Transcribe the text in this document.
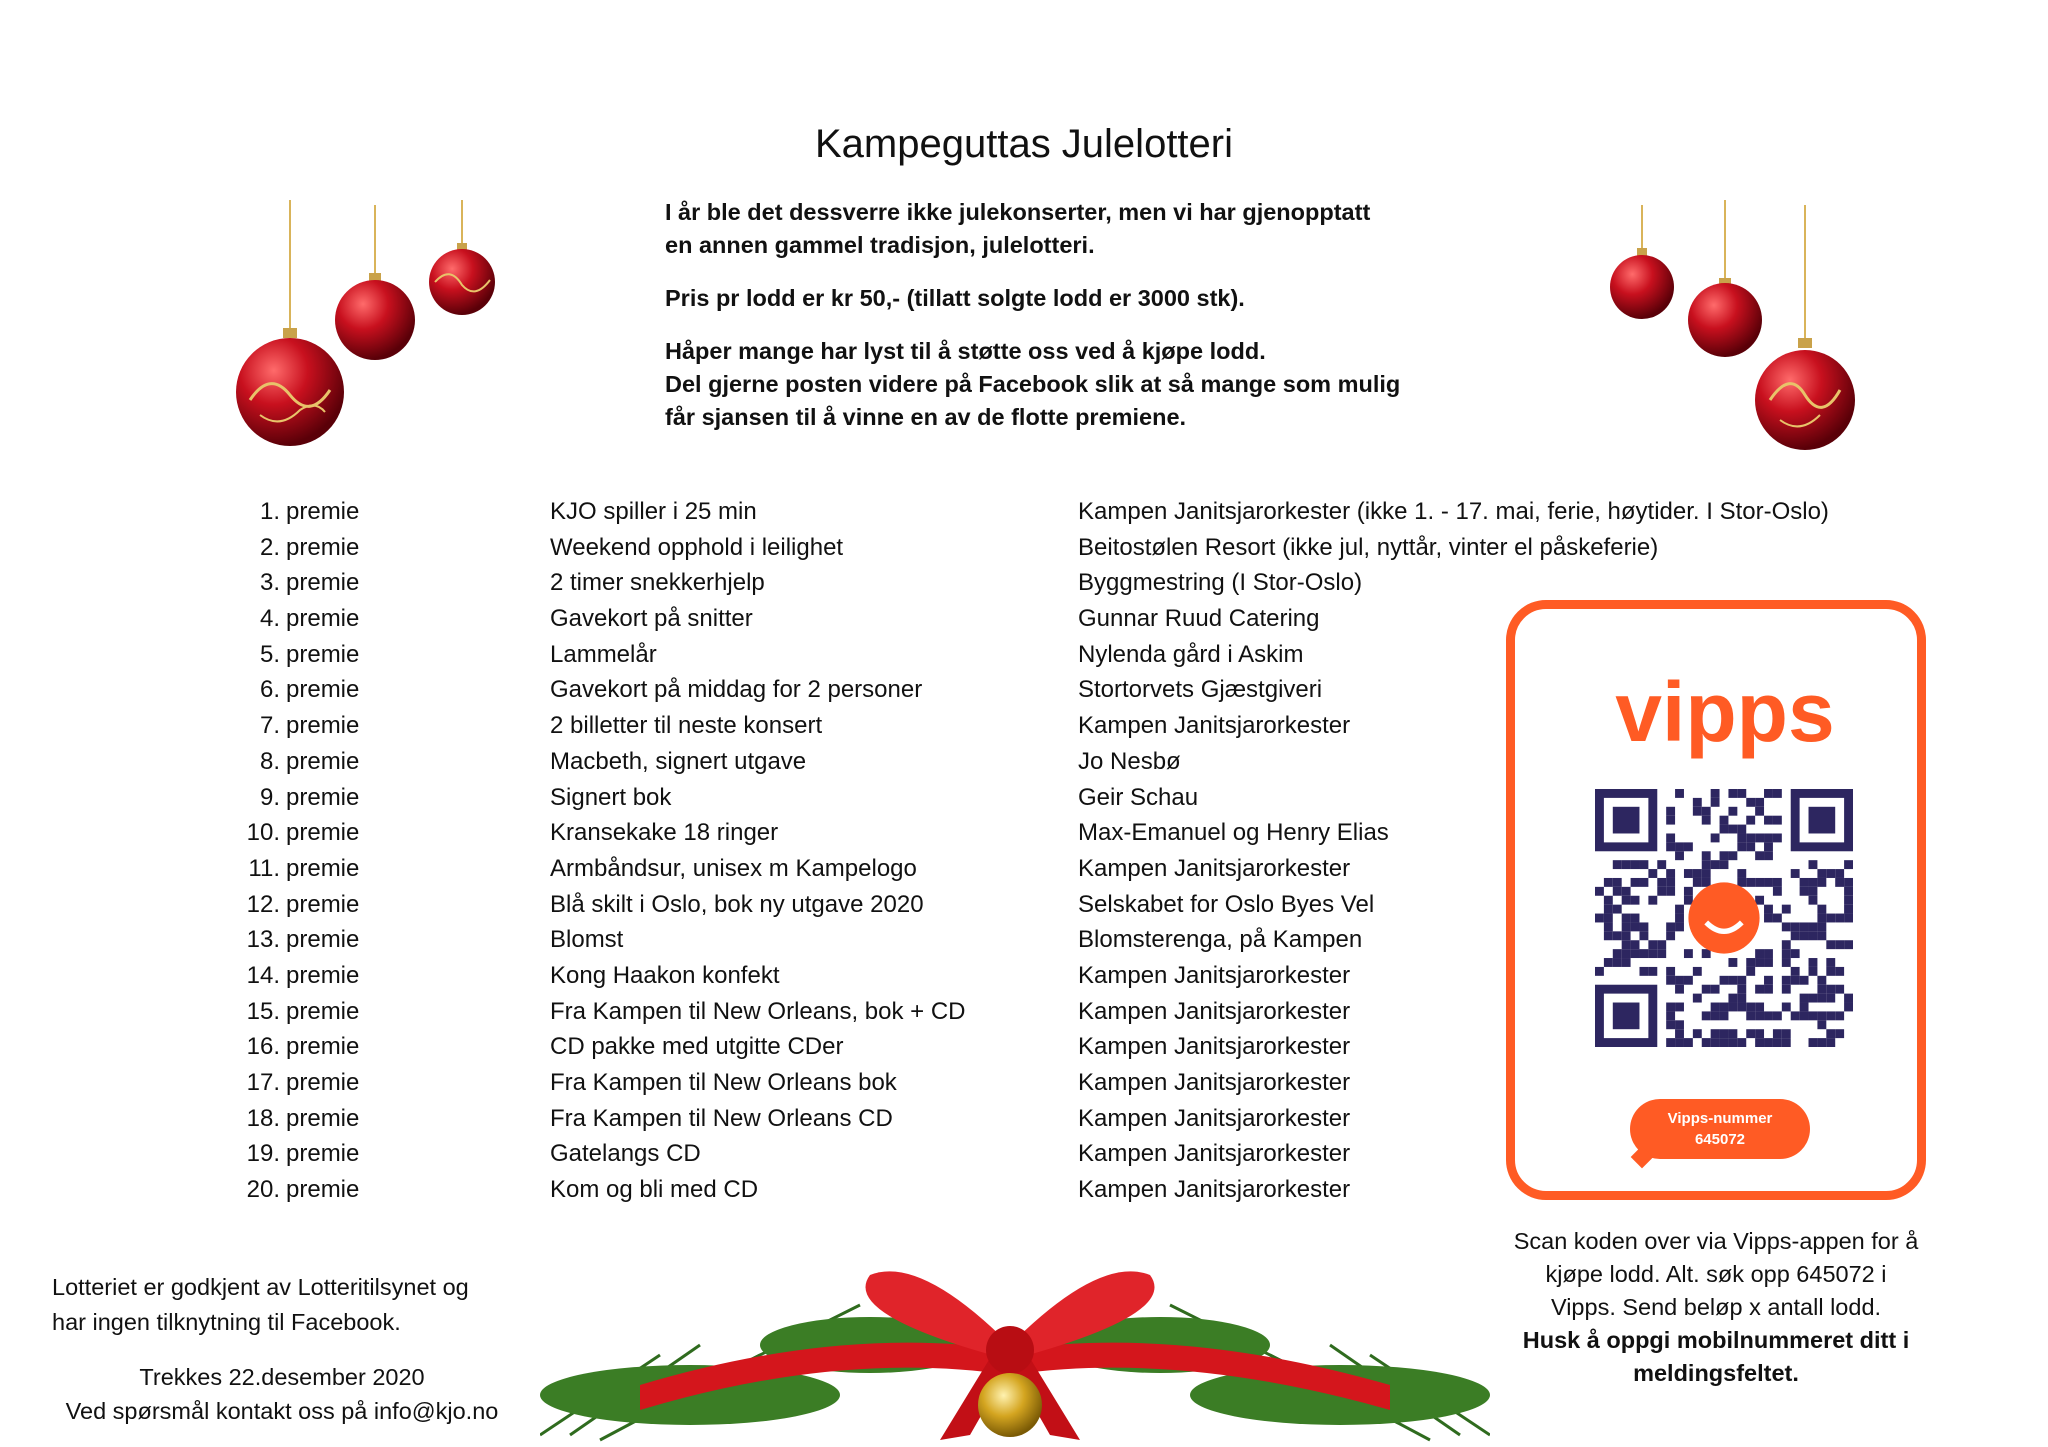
Kampeguttas Julelotteri

I år ble det dessverre ikke julekonserter, men vi har gjenopptatt
en annen gammel tradisjon, julelotteri.

Pris pr lodd er kr 50,- (tillatt solgte lodd er 3000 stk).

Håper mange har lyst til å støtte oss ved å kjøpe lodd.
Del gjerne posten videre på Facebook slik at så mange som mulig
får sjansen til å vinne en av de flotte premiene.

1. premie	KJO spiller i 25 min	Kampen Janitsjarorkester (ikke 1. - 17. mai, ferie, høytider. I Stor-Oslo)
2. premie	Weekend opphold i leilighet	Beitostølen Resort (ikke jul, nyttår, vinter el påskeferie)
3. premie	2 timer snekkerhjelp	Byggmestring (I Stor-Oslo)
4. premie	Gavekort på snitter	Gunnar Ruud Catering
5. premie	Lammelår	Nylenda gård i Askim
6. premie	Gavekort på middag for 2 personer	Stortorvets Gjæstgiveri
7. premie	2 billetter til neste konsert	Kampen Janitsjarorkester
8. premie	Macbeth, signert utgave	Jo Nesbø
9. premie	Signert bok	Geir Schau
10. premie	Kransekake 18 ringer	Max-Emanuel og Henry Elias
11. premie	Armbåndsur, unisex m Kampelogo	Kampen Janitsjarorkester
12. premie	Blå skilt i Oslo, bok ny utgave 2020	Selskabet for Oslo Byes Vel
13. premie	Blomst	Blomsterenga, på Kampen
14. premie	Kong Haakon konfekt	Kampen Janitsjarorkester
15. premie	Fra Kampen til New Orleans, bok + CD	Kampen Janitsjarorkester
16. premie	CD pakke med utgitte CDer	Kampen Janitsjarorkester
17. premie	Fra Kampen til New Orleans bok	Kampen Janitsjarorkester
18. premie	Fra Kampen til New Orleans CD	Kampen Janitsjarorkester
19. premie	Gatelangs CD	Kampen Janitsjarorkester
20. premie	Kom og bli med CD	Kampen Janitsjarorkester
vipps
Vipps-nummer
645072
Scan koden over via Vipps-appen for å
kjøpe lodd. Alt. søk opp 645072 i
Vipps. Send beløp x antall lodd.
Husk å oppgi mobilnummeret ditt i
meldingsfeltet.
Lotteriet er godkjent av Lotteritilsynet og
har ingen tilknytning til Facebook.
Trekkes 22.desember 2020
Ved spørsmål kontakt oss på info@kjo.no
